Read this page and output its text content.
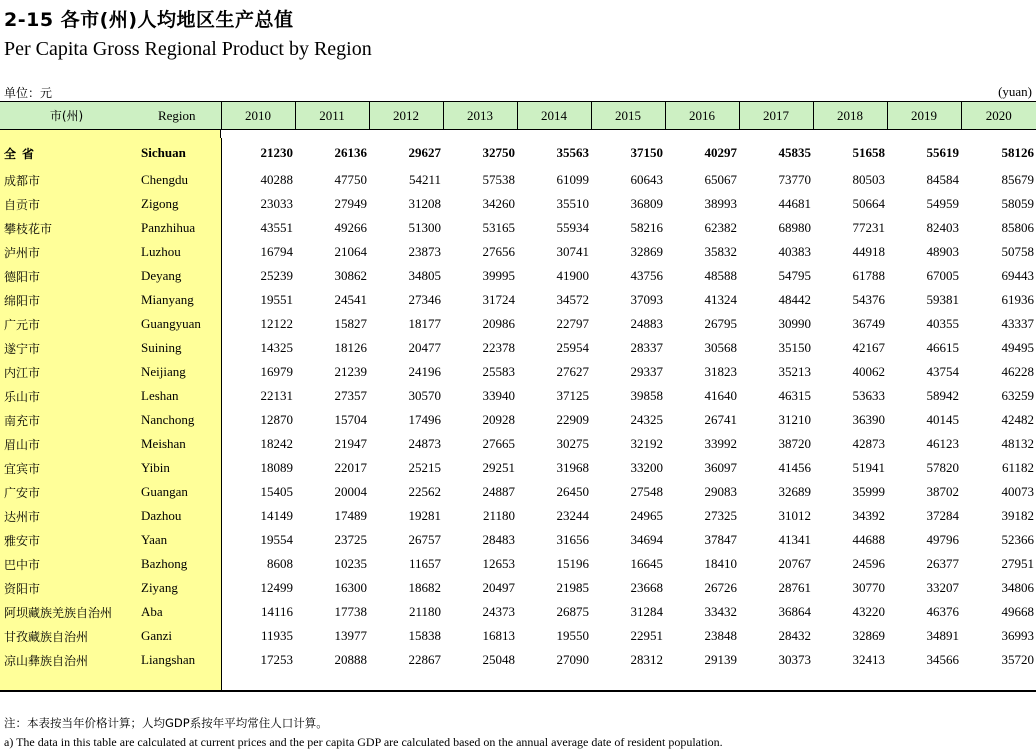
2-15 各市(州)人均地区生产总值
Per Capita Gross Regional Product by Region
单位：元	(yuan)
市(州)	Region	2010	2011	2012	2013	2014	2015	2016	2017	2018	2019	2020

全省	Sichuan	21230	26136	29627	32750	35563	37150	40297	45835	51658	55619	58126
成都市	Chengdu	40288	47750	54211	57538	61099	60643	65067	73770	80503	84584	85679
自贡市	Zigong	23033	27949	31208	34260	35510	36809	38993	44681	50664	54959	58059
攀枝花市	Panzhihua	43551	49266	51300	53165	55934	58216	62382	68980	77231	82403	85806
泸州市	Luzhou	16794	21064	23873	27656	30741	32869	35832	40383	44918	48903	50758
德阳市	Deyang	25239	30862	34805	39995	41900	43756	48588	54795	61788	67005	69443
绵阳市	Mianyang	19551	24541	27346	31724	34572	37093	41324	48442	54376	59381	61936
广元市	Guangyuan	12122	15827	18177	20986	22797	24883	26795	30990	36749	40355	43337
遂宁市	Suining	14325	18126	20477	22378	25954	28337	30568	35150	42167	46615	49495
内江市	Neijiang	16979	21239	24196	25583	27627	29337	31823	35213	40062	43754	46228
乐山市	Leshan	22131	27357	30570	33940	37125	39858	41640	46315	53633	58942	63259
南充市	Nanchong	12870	15704	17496	20928	22909	24325	26741	31210	36390	40145	42482
眉山市	Meishan	18242	21947	24873	27665	30275	32192	33992	38720	42873	46123	48132
宜宾市	Yibin	18089	22017	25215	29251	31968	33200	36097	41456	51941	57820	61182
广安市	Guangan	15405	20004	22562	24887	26450	27548	29083	32689	35999	38702	40073
达州市	Dazhou	14149	17489	19281	21180	23244	24965	27325	31012	34392	37284	39182
雅安市	Yaan	19554	23725	26757	28483	31656	34694	37847	41341	44688	49796	52366
巴中市	Bazhong	8608	10235	11657	12653	15196	16645	18410	20767	24596	26377	27951
资阳市	Ziyang	12499	16300	18682	20497	21985	23668	26726	28761	30770	33207	34806
阿坝藏族羌族自治州	Aba	14116	17738	21180	24373	26875	31284	33432	36864	43220	46376	49668
甘孜藏族自治州	Ganzi	11935	13977	15838	16813	19550	22951	23848	28432	32869	34891	36993
凉山彝族自治州	Liangshan	17253	20888	22867	25048	27090	28312	29139	30373	32413	34566	35720

注：本表按当年价格计算；人均GDP系按年平均常住人口计算。
a) The data in this table are calculated at current prices and the per capita GDP are calculated based on the annual average date of resident population.
